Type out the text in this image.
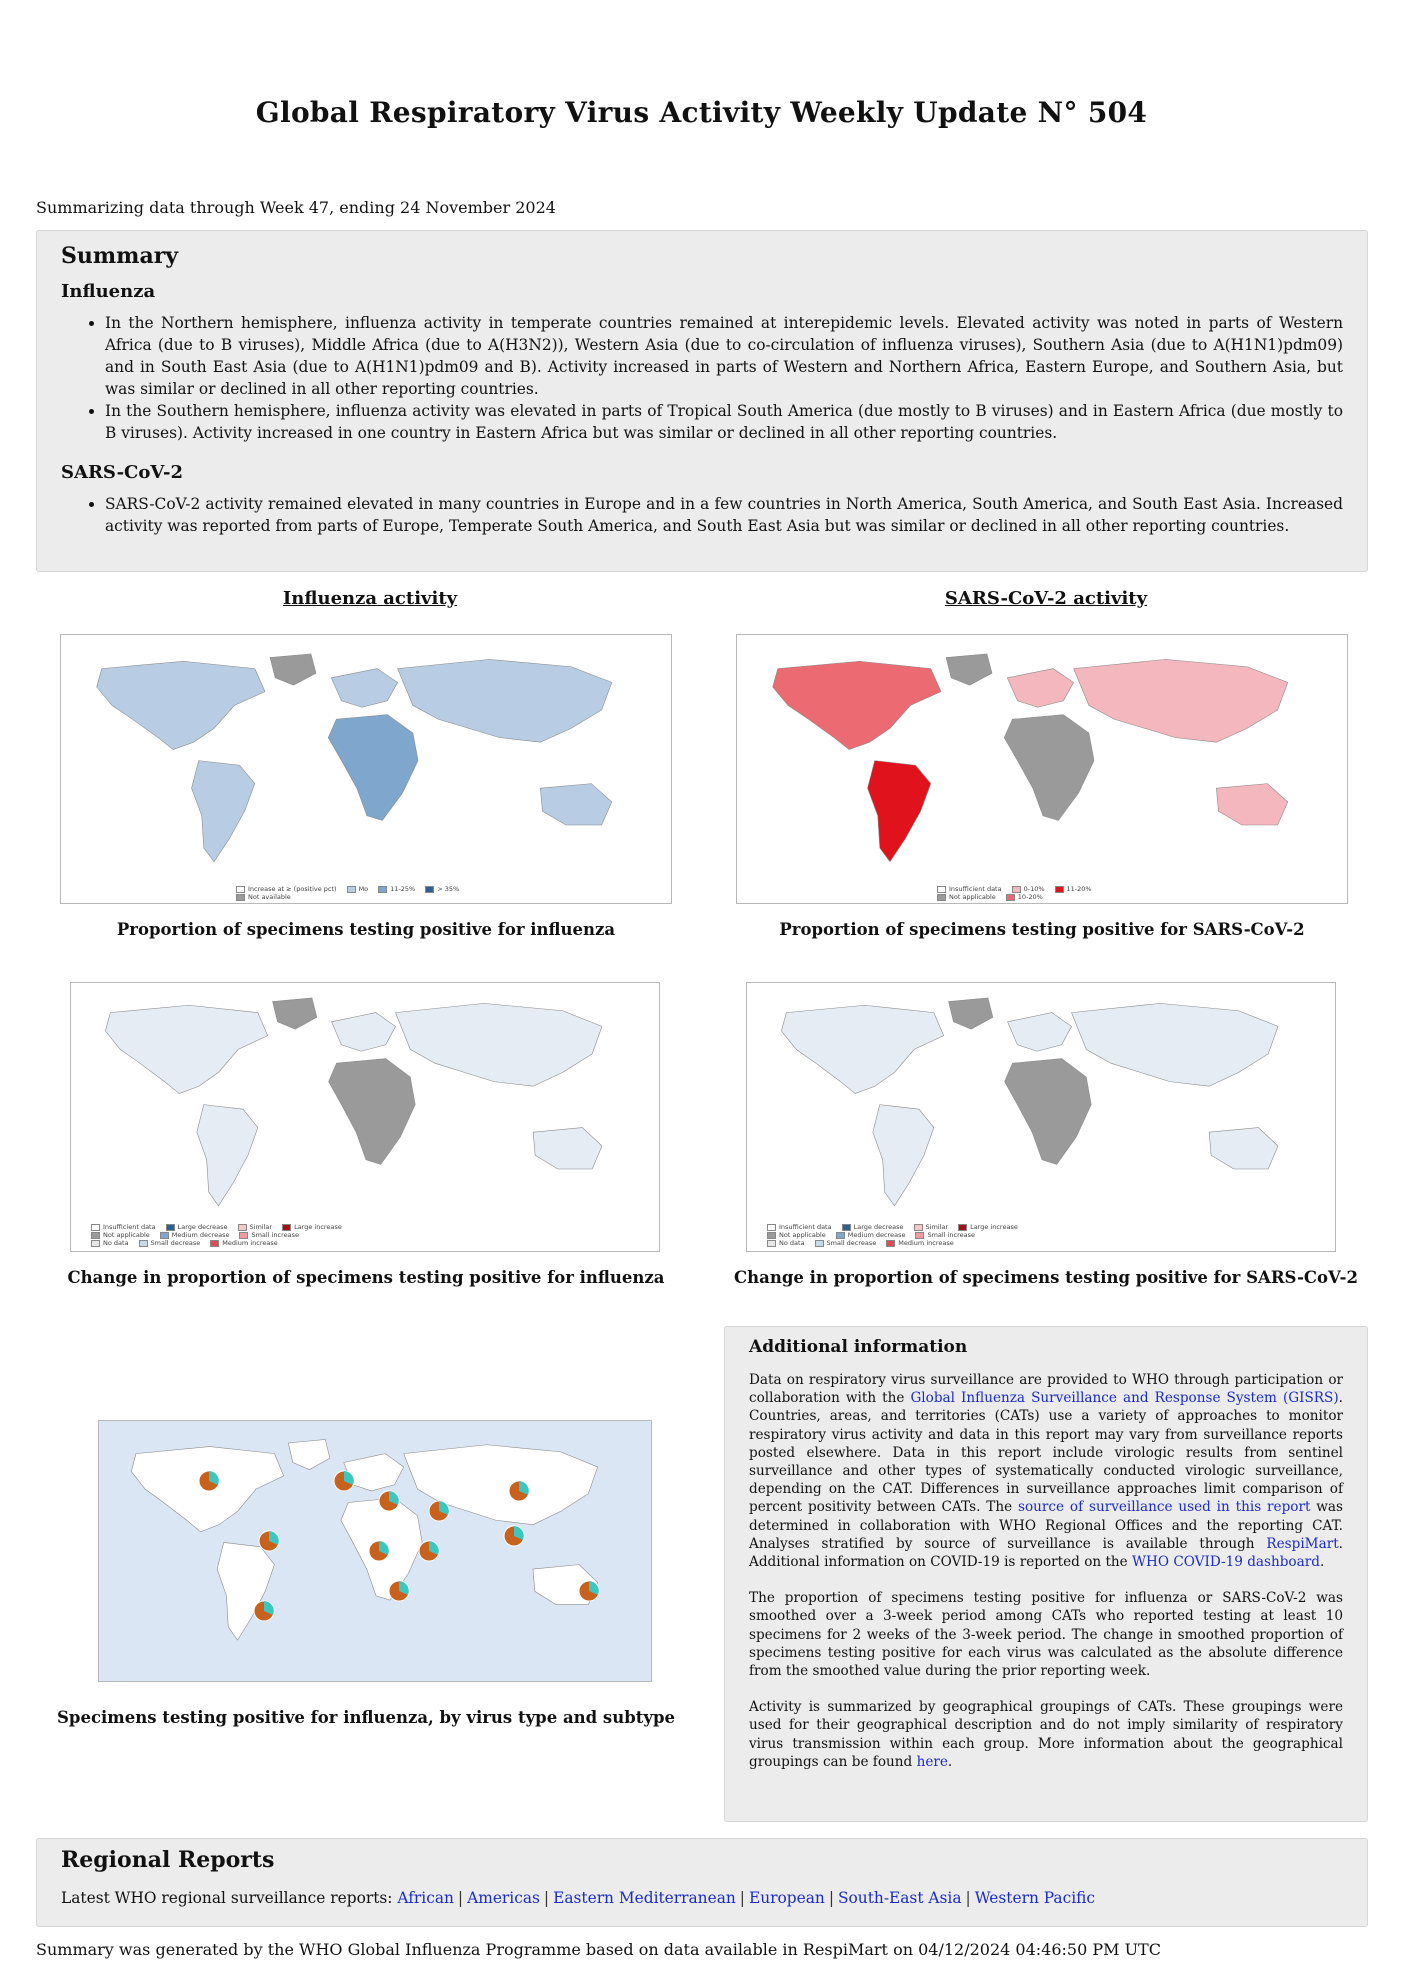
Global Respiratory Virus Activity Weekly Update N° 504
Summarizing data through Week 47, ending 24 November 2024
Summary
Influenza
• In the Northern hemisphere, influenza activity in temperate countries remained at interepidemic levels. Elevated activity was noted in parts of Western Africa (due to B viruses), Middle Africa (due to A(H3N2)), Western Asia (due to co-circulation of influenza viruses), Southern Asia (due to A(H1N1)pdm09) and in South East Asia (due to A(H1N1)pdm09 and B). Activity increased in parts of Western and Northern Africa, Eastern Europe, and Southern Asia, but was similar or declined in all other reporting countries.
• In the Southern hemisphere, influenza activity was elevated in parts of Tropical South America (due mostly to B viruses) and in Eastern Africa (due mostly to B viruses). Activity increased in one country in Eastern Africa but was similar or declined in all other reporting countries.
SARS-CoV-2
• SARS-CoV-2 activity remained elevated in many countries in Europe and in a few countries in North America, South America, and South East Asia. Increased activity was reported from parts of Europe, Temperate South America, and South East Asia but was similar or declined in all other reporting countries.
Influenza activity	SARS-CoV-2 activity
Increase at ≥ (positive pct)	Mo	11-25%	> 35%
Not available
Insufficient data	0-10%	11-20%
Not applicable	10-20%
Proportion of specimens testing positive for influenza	Proportion of specimens testing positive for SARS-CoV-2
Insufficient data	Large decrease	Similar	Large increase
Not applicable	Medium decrease	Small increase
No data	Small decrease	Medium increase
Insufficient data	Large decrease	Similar	Large increase
Not applicable	Medium decrease	Small increase
No data	Small decrease	Medium increase
Change in proportion of specimens testing positive for influenza	Change in proportion of specimens testing positive for SARS-CoV-2
Specimens testing positive for influenza, by virus type and subtype
Additional information

Data on respiratory virus surveillance are provided to WHO through participation or collaboration with the Global Influenza Surveillance and Response System (GISRS). Countries, areas, and territories (CATs) use a variety of approaches to monitor respiratory virus activity and data in this report may vary from surveillance reports posted elsewhere. Data in this report include virologic results from sentinel surveillance and other types of systematically conducted virologic surveillance, depending on the CAT. Differences in surveillance approaches limit comparison of percent positivity between CATs. The source of surveillance used in this report was determined in collaboration with WHO Regional Offices and the reporting CAT. Analyses stratified by source of surveillance is available through RespiMart. Additional information on COVID-19 is reported on the WHO COVID-19 dashboard.

The proportion of specimens testing positive for influenza or SARS-CoV-2 was smoothed over a 3-week period among CATs who reported testing at least 10 specimens for 2 weeks of the 3-week period. The change in smoothed proportion of specimens testing positive for each virus was calculated as the absolute difference from the smoothed value during the prior reporting week.

Activity is summarized by geographical groupings of CATs. These groupings were used for their geographical description and do not imply similarity of respiratory virus transmission within each group. More information about the geographical groupings can be found here.

Regional Reports
Latest WHO regional surveillance reports: African | Americas | Eastern Mediterranean | European | South-East Asia | Western Pacific
Summary was generated by the WHO Global Influenza Programme based on data available in RespiMart on 04/12/2024 04:46:50 PM UTC
